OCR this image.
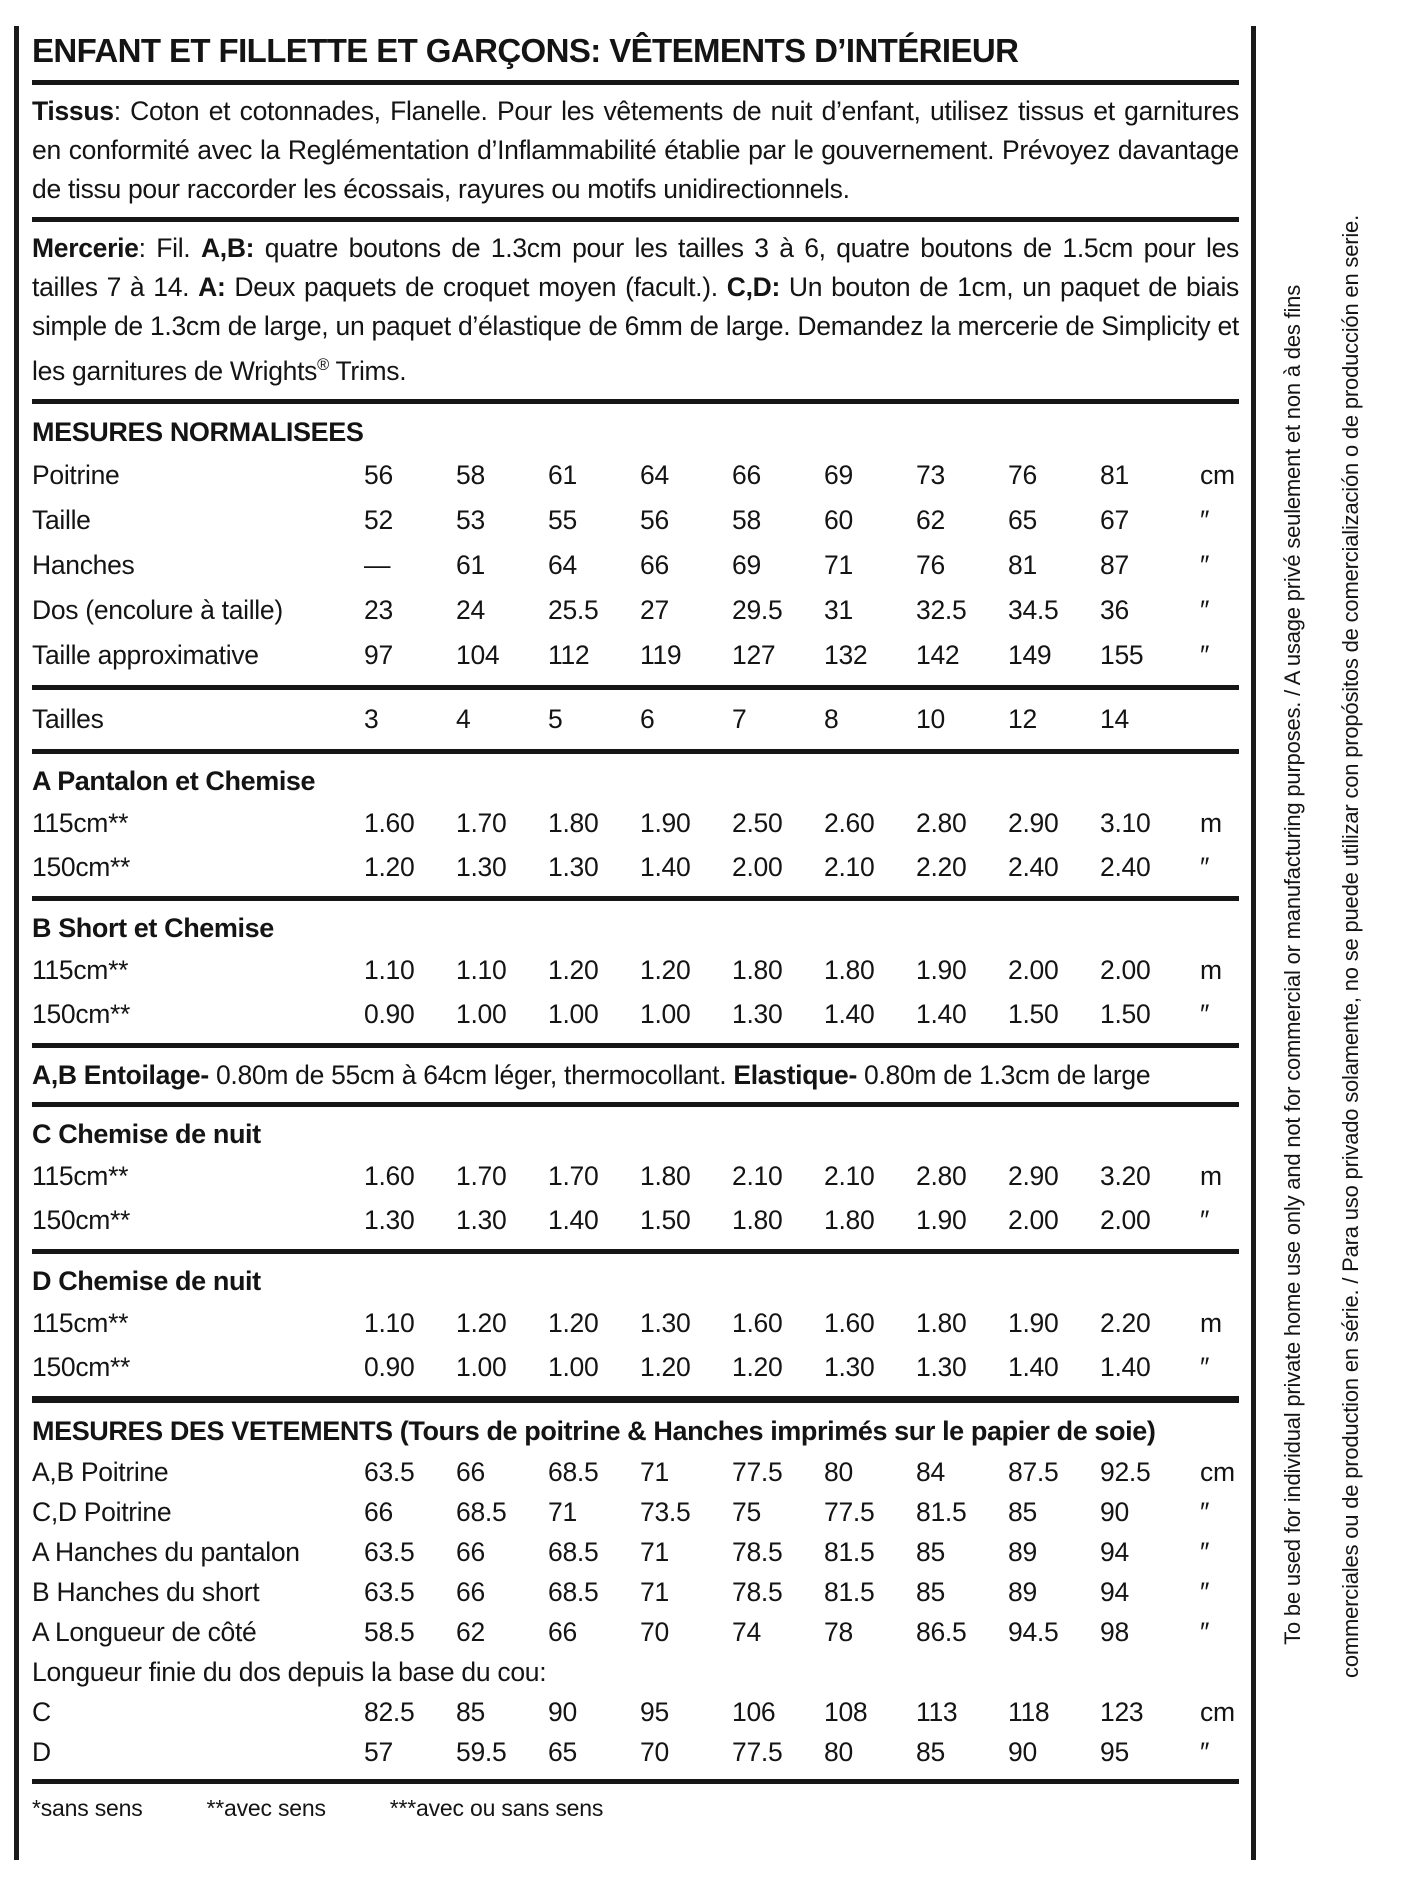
ENFANT ET FILLETTE ET GARÇONS: VÊTEMENTS D’INTÉRIEUR
Tissus: Coton et cotonnades, Flanelle. Pour les vêtements de nuit d’enfant, utilisez tissus et garnitures en conformité avec la Reglémentation d’Inflammabilité établie par le gouvernement. Prévoyez davantage de tissu pour raccorder les écossais, rayures ou motifs unidirectionnels.
Mercerie: Fil. A,B: quatre boutons de 1.3cm pour les tailles 3 à 6, quatre boutons de 1.5cm pour les tailles 7 à 14. A: Deux paquets de croquet moyen (facult.). C,D: Un bouton de 1cm, un paquet de biais simple de 1.3cm de large, un paquet d’élastique de 6mm de large. Demandez la mercerie de Simplicity et les garnitures de Wrights® Trims.
MESURES NORMALISEES
Poitrine	56	58	61	64	66	69	73	76	81	cm
Taille	52	53	55	56	58	60	62	65	67	″
Hanches	—	61	64	66	69	71	76	81	87	″
Dos (encolure à taille)	23	24	25.5	27	29.5	31	32.5	34.5	36	″
Taille approximative	97	104	112	119	127	132	142	149	155	″
Tailles	3	4	5	6	7	8	10	12	14
A Pantalon et Chemise
115cm**	1.60	1.70	1.80	1.90	2.50	2.60	2.80	2.90	3.10	m
150cm**	1.20	1.30	1.30	1.40	2.00	2.10	2.20	2.40	2.40	″
B Short et Chemise
115cm**	1.10	1.10	1.20	1.20	1.80	1.80	1.90	2.00	2.00	m
150cm**	0.90	1.00	1.00	1.00	1.30	1.40	1.40	1.50	1.50	″
A,B Entoilage- 0.80m de 55cm à 64cm léger, thermocollant. Elastique- 0.80m de 1.3cm de large
C Chemise de nuit
115cm**	1.60	1.70	1.70	1.80	2.10	2.10	2.80	2.90	3.20	m
150cm**	1.30	1.30	1.40	1.50	1.80	1.80	1.90	2.00	2.00	″
D Chemise de nuit
115cm**	1.10	1.20	1.20	1.30	1.60	1.60	1.80	1.90	2.20	m
150cm**	0.90	1.00	1.00	1.20	1.20	1.30	1.30	1.40	1.40	″
MESURES DES VETEMENTS (Tours de poitrine & Hanches imprimés sur le papier de soie)
A,B Poitrine	63.5	66	68.5	71	77.5	80	84	87.5	92.5	cm
C,D Poitrine	66	68.5	71	73.5	75	77.5	81.5	85	90	″
A Hanches du pantalon	63.5	66	68.5	71	78.5	81.5	85	89	94	″
B Hanches du short	63.5	66	68.5	71	78.5	81.5	85	89	94	″
A Longueur de côté	58.5	62	66	70	74	78	86.5	94.5	98	″
Longueur finie du dos depuis la base du cou:
C	82.5	85	90	95	106	108	113	118	123	cm
D	57	59.5	65	70	77.5	80	85	90	95	″
*sans sens	**avec sens	***avec ou sans sens
To be used for individual private home use only and not for commercial or manufacturing purposes. / A usage privé seulement et non à des fins commerciales ou de production en série. / Para uso privado solamente, no se puede utilizar con propósitos de comercialización o de producción en serie.
